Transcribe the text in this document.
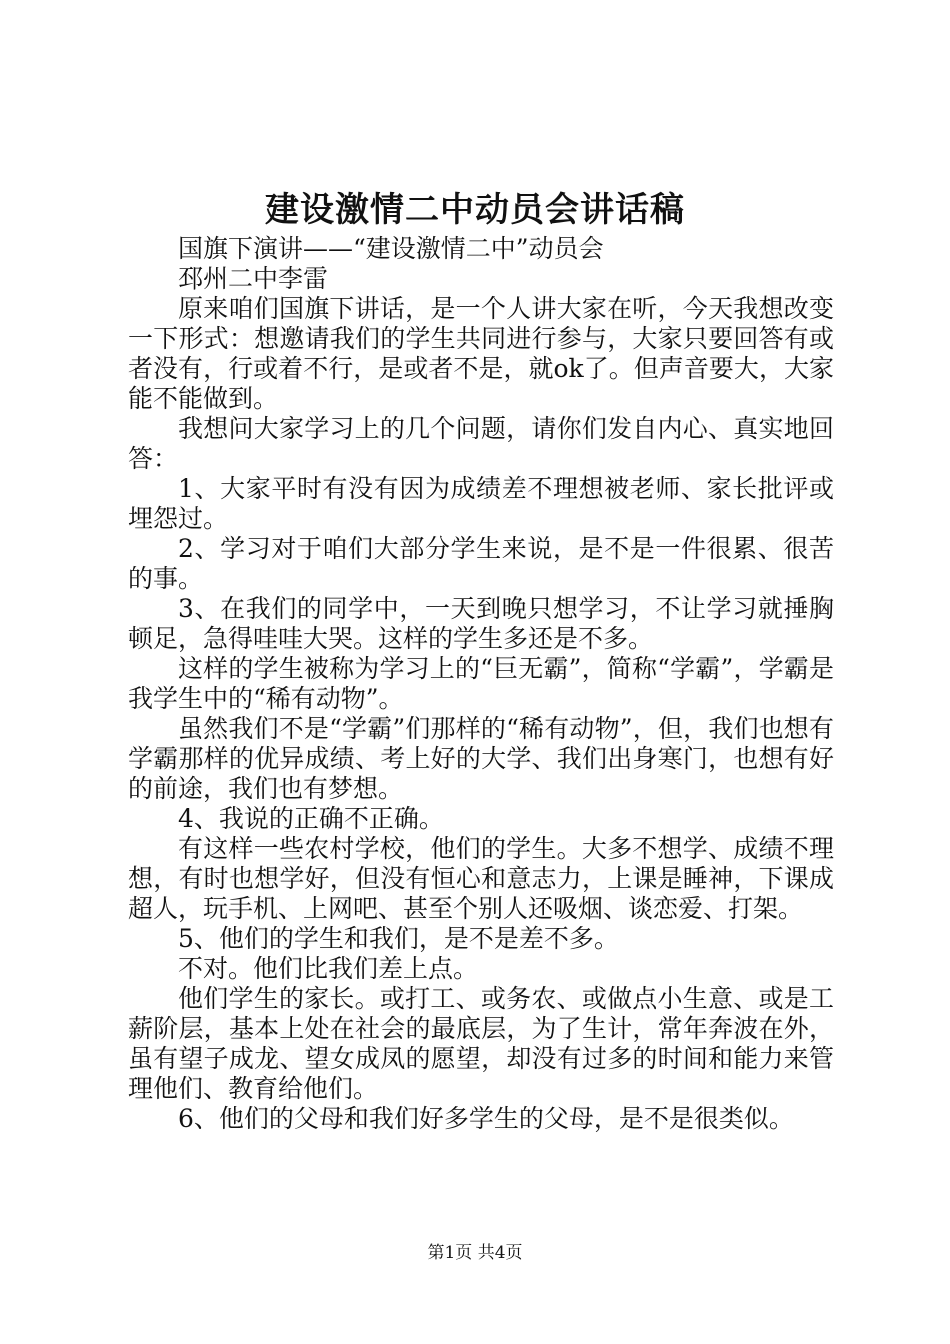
建设激情二中动员会讲话稿

国旗下演讲——“建设激情二中”动员会

邳州二中李雷

原来咱们国旗下讲话，是一个人讲大家在听，今天我想改变一下形式：想邀请我们的学生共同进行参与，大家只要回答有或者没有，行或着不行，是或者不是，就ok了。但声音要大，大家能不能做到。

我想问大家学习上的几个问题，请你们发自内心、真实地回答：

1、大家平时有没有因为成绩差不理想被老师、家长批评或埋怨过。

2、学习对于咱们大部分学生来说，是不是一件很累、很苦的事。

3、在我们的同学中，一天到晚只想学习，不让学习就捶胸顿足，急得哇哇大哭。这样的学生多还是不多。

这样的学生被称为学习上的“巨无霸”，简称“学霸”，学霸是我学生中的“稀有动物”。

虽然我们不是“学霸”们那样的“稀有动物”，但，我们也想有学霸那样的优异成绩、考上好的大学、我们出身寒门，也想有好的前途，我们也有梦想。

4、我说的正确不正确。

有这样一些农村学校，他们的学生。大多不想学、成绩不理想，有时也想学好，但没有恒心和意志力，上课是睡神，下课成超人，玩手机、上网吧、甚至个别人还吸烟、谈恋爱、打架。

5、他们的学生和我们，是不是差不多。

不对。他们比我们差上点。

他们学生的家长。或打工、或务农、或做点小生意、或是工薪阶层，基本上处在社会的最底层，为了生计，常年奔波在外，虽有望子成龙、望女成凤的愿望，却没有过多的时间和能力来管理他们、教育给他们。

6、他们的父母和我们好多学生的父母，是不是很类似。

第1页 共4页
